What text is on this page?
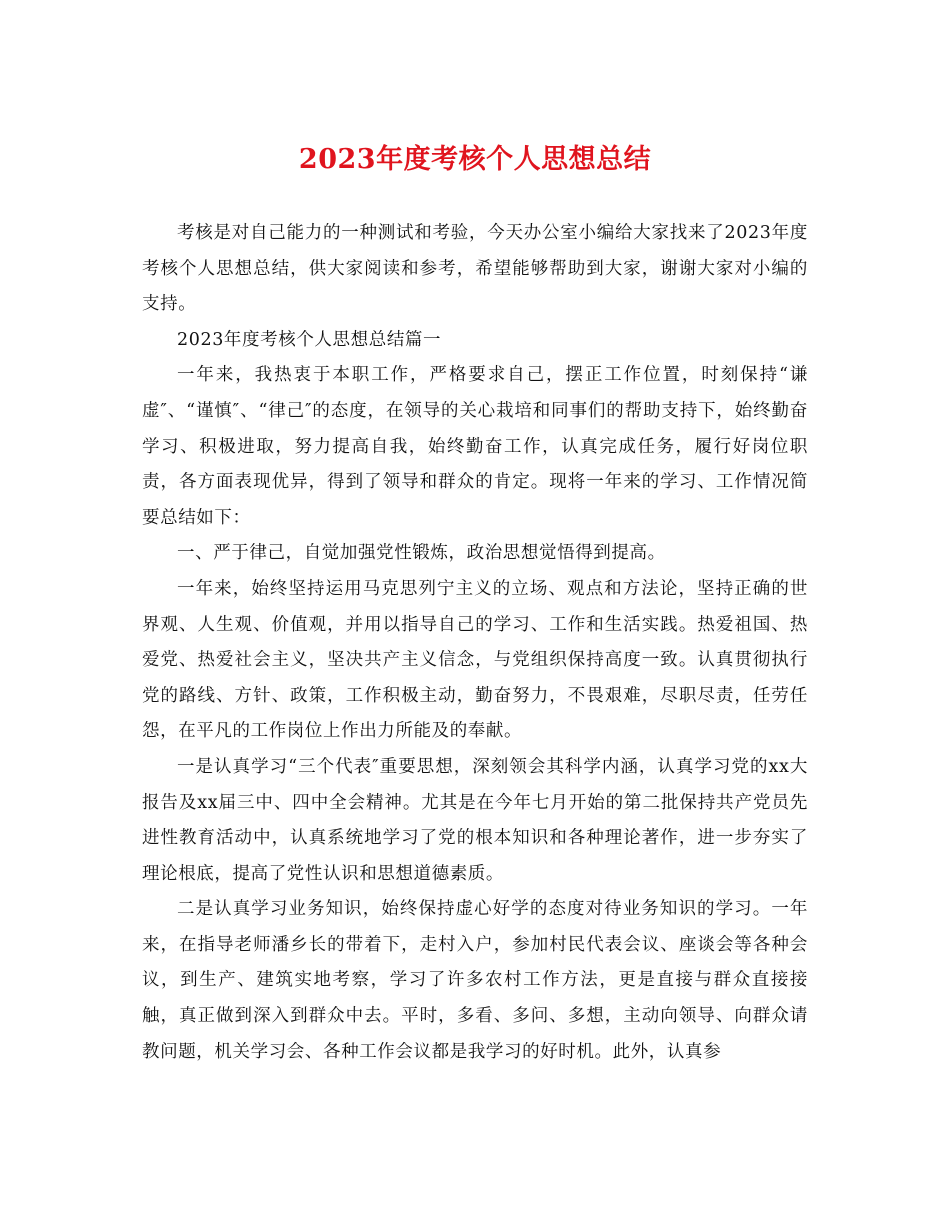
2023年度考核个人思想总结

考核是对自己能力的一种测试和考验，今天办公室小编给大家找来了2023年度考核个人思想总结，供大家阅读和参考，希望能够帮助到大家，谢谢大家对小编的支持。

2023年度考核个人思想总结篇一

一年来，我热衷于本职工作，严格要求自己，摆正工作位置，时刻保持“谦虚″、“谨慎″、“律己″的态度，在领导的关心栽培和同事们的帮助支持下，始终勤奋学习、积极进取，努力提高自我，始终勤奋工作，认真完成任务，履行好岗位职责，各方面表现优异，得到了领导和群众的肯定。现将一年来的学习、工作情况简要总结如下：

一、严于律己，自觉加强党性锻炼，政治思想觉悟得到提高。

一年来，始终坚持运用马克思列宁主义的立场、观点和方法论，坚持正确的世界观、人生观、价值观，并用以指导自己的学习、工作和生活实践。热爱祖国、热爱党、热爱社会主义，坚决共产主义信念，与党组织保持高度一致。认真贯彻执行党的路线、方针、政策，工作积极主动，勤奋努力，不畏艰难，尽职尽责，任劳任怨，在平凡的工作岗位上作出力所能及的奉献。

一是认真学习“三个代表″重要思想，深刻领会其科学内涵，认真学习党的xx大报告及xx届三中、四中全会精神。尤其是在今年七月开始的第二批保持共产党员先进性教育活动中，认真系统地学习了党的根本知识和各种理论著作，进一步夯实了理论根底，提高了党性认识和思想道德素质。

二是认真学习业务知识，始终保持虚心好学的态度对待业务知识的学习。一年来，在指导老师潘乡长的带着下，走村入户，参加村民代表会议、座谈会等各种会议，到生产、建筑实地考察，学习了许多农村工作方法，更是直接与群众直接接触，真正做到深入到群众中去。平时，多看、多问、多想，主动向领导、向群众请教问题，机关学习会、各种工作会议都是我学习的好时机。此外，认真参
